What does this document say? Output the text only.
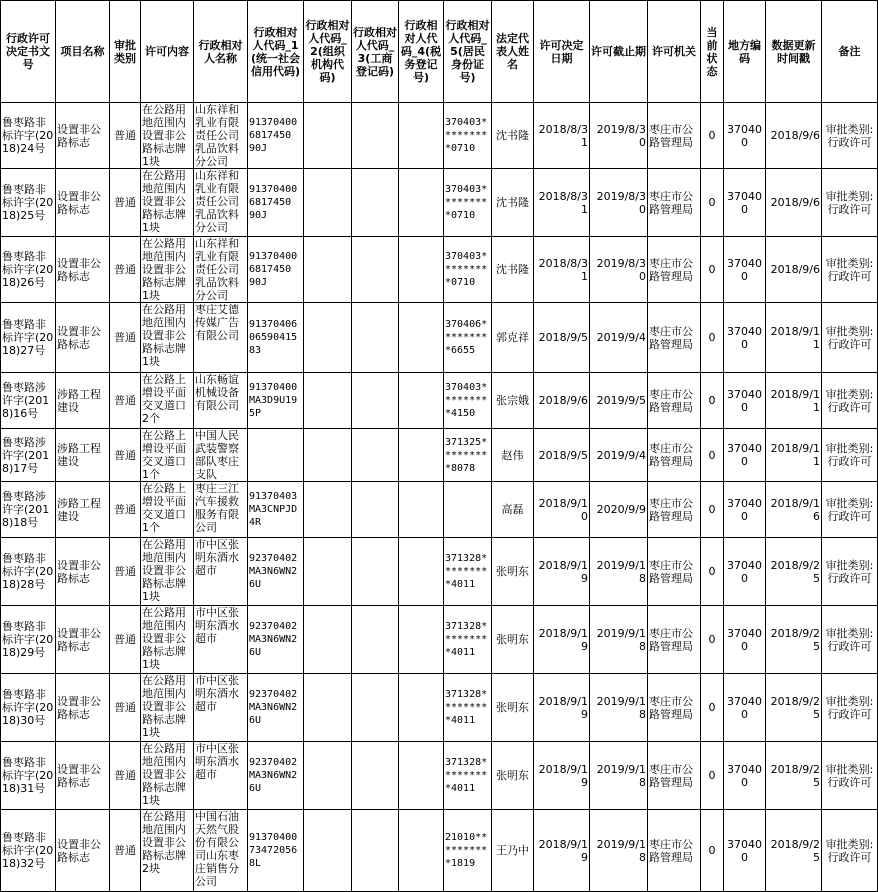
行政许可决定书文号	项目名称	审批类别	许可内容	行政相对人名称	行政相对人代码_1(统一社会信用代码)	行政相对人代码_2(组织机构代码)	行政相对人代码_3(工商登记码)	行政相对人代码_4(税务登记号)	行政相对人代码_5(居民身份证号)	法定代表人姓名	许可决定日期	许可截止期	许可机关	当前状态	地方编码	数据更新时间戳	备注
鲁枣路非标许字(2018)24号	设置非公路标志	普通	在公路用地范围内设置非公路标志牌1块	山东祥和乳业有限责任公司乳品饮料分公司	913704006817450 90J				370403*********0710	沈书隆	2018/8/31	2019/8/30	枣庄市公路管理局	0	370400	2018/9/6	审批类别:行政许可
鲁枣路非标许字(2018)25号	设置非公路标志	普通	在公路用地范围内设置非公路标志牌1块	山东祥和乳业有限责任公司乳品饮料分公司	913704006817450 90J				370403*********0710	沈书隆	2018/8/31	2019/8/30	枣庄市公路管理局	0	370400	2018/9/6	审批类别:行政许可
鲁枣路非标许字(2018)26号	设置非公路标志	普通	在公路用地范围内设置非公路标志牌1块	山东祥和乳业有限责任公司乳品饮料分公司	913704006817450 90J				370403*********0710	沈书隆	2018/8/31	2019/8/30	枣庄市公路管理局	0	370400	2018/9/6	审批类别:行政许可
鲁枣路非标许字(2018)27号	设置非公路标志	普通	在公路用地范围内设置非公路标志牌1块	枣庄艾德传媒广告有限公司	9137040606590415 83				370406*********6655	郭克祥	2018/9/5	2019/9/4	枣庄市公路管理局	0	370400	2018/9/11	审批类别:行政许可
鲁枣路涉许字(2018)16号	涉路工程建设	普通	在公路上增设平面交叉道口2个	山东畅谊机械设备有限公司	91370400MA3D9U19 5P				370403*********4150	张宗娥	2018/9/6	2019/9/5	枣庄市公路管理局	0	370400	2018/9/11	审批类别:行政许可
鲁枣路涉许字(2018)17号	涉路工程建设	普通	在公路上增设平面交叉道口1个	中国人民武装警察部队枣庄支队					371325*********8078	赵伟	2018/9/5	2019/9/4	枣庄市公路管理局	0	370400	2018/9/11	审批类别:行政许可
鲁枣路涉许字(2018)18号	涉路工程建设	普通	在公路上增设平面交叉道口1个	枣庄三江汽车援救服务有限公司	91370403MA3CNPJD 4R					高磊	2018/9/10	2020/9/9	枣庄市公路管理局	0	370400	2018/9/16	审批类别:行政许可
鲁枣路非标许字(2018)28号	设置非公路标志	普通	在公路用地范围内设置非公路标志牌1块	市中区张明东酒水超市	92370402MA3N6WN2 6U				371328*********4011	张明东	2018/9/19	2019/9/18	枣庄市公路管理局	0	370400	2018/9/25	审批类别:行政许可
鲁枣路非标许字(2018)29号	设置非公路标志	普通	在公路用地范围内设置非公路标志牌1块	市中区张明东酒水超市	92370402MA3N6WN2 6U				371328*********4011	张明东	2018/9/19	2019/9/18	枣庄市公路管理局	0	370400	2018/9/25	审批类别:行政许可
鲁枣路非标许字(2018)30号	设置非公路标志	普通	在公路用地范围内设置非公路标志牌1块	市中区张明东酒水超市	92370402MA3N6WN2 6U				371328*********4011	张明东	2018/9/19	2019/9/18	枣庄市公路管理局	0	370400	2018/9/25	审批类别:行政许可
鲁枣路非标许字(2018)31号	设置非公路标志	普通	在公路用地范围内设置非公路标志牌1块	市中区张明东酒水超市	92370402MA3N6WN2 6U				371328*********4011	张明东	2018/9/19	2019/9/18	枣庄市公路管理局	0	370400	2018/9/25	审批类别:行政许可
鲁枣路非标许字(2018)32号	设置非公路标志	普通	在公路用地范围内设置非公路标志牌2块	中国石油天然气股份有限公司山东枣庄销售分公司	9137040073472056 8L				21010**********1819	王乃中	2018/9/19	2019/9/18	枣庄市公路管理局	0	370400	2018/9/25	审批类别:行政许可
